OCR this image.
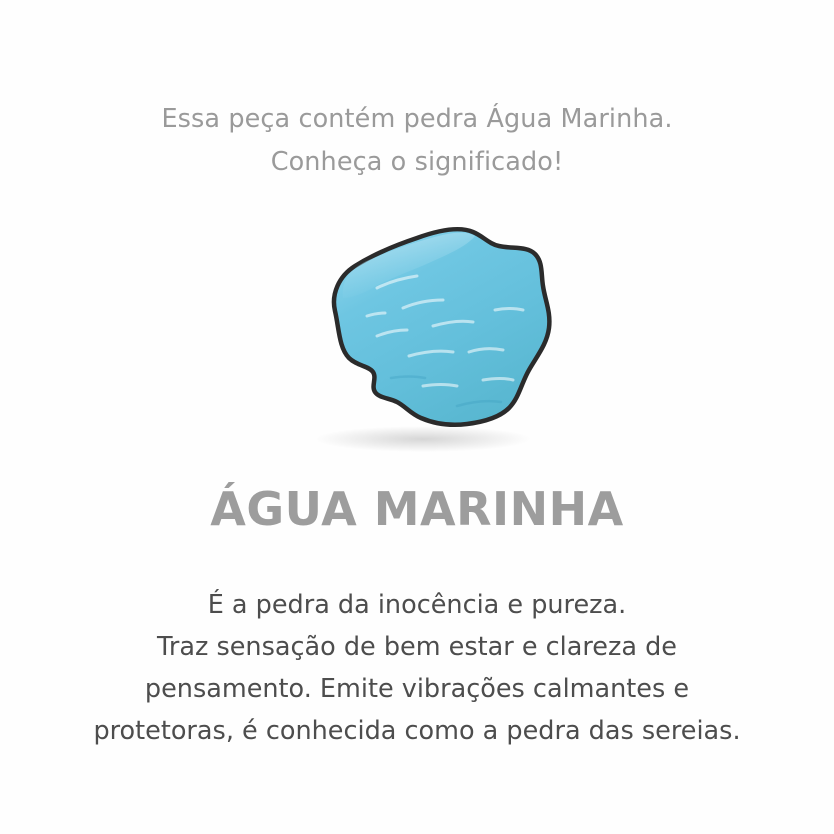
Essa peça contém pedra Água Marinha.
Conheça o significado!
ÁGUA MARINHA
É a pedra da inocência e pureza.
Traz sensação de bem estar e clareza de
pensamento. Emite vibrações calmantes e
protetoras, é conhecida como a pedra das sereias.
